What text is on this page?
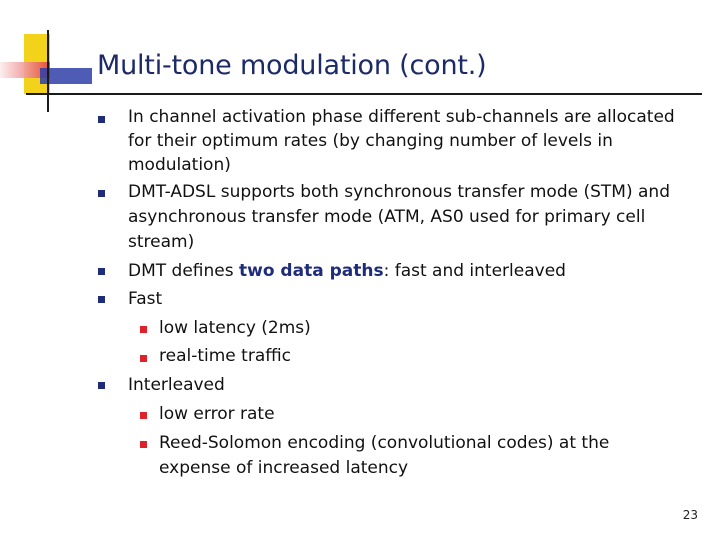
Multi-tone modulation (cont.)
In channel activation phase different sub-channels are allocated
for their optimum rates (by changing number of levels in
modulation)
DMT-ADSL supports both synchronous transfer mode (STM) and
asynchronous transfer mode (ATM, AS0 used for primary cell
stream)
DMT defines two data paths: fast and interleaved
Fast
low latency (2ms)
real-time traffic
Interleaved
low error rate
Reed-Solomon encoding (convolutional codes) at the
expense of increased latency
23
